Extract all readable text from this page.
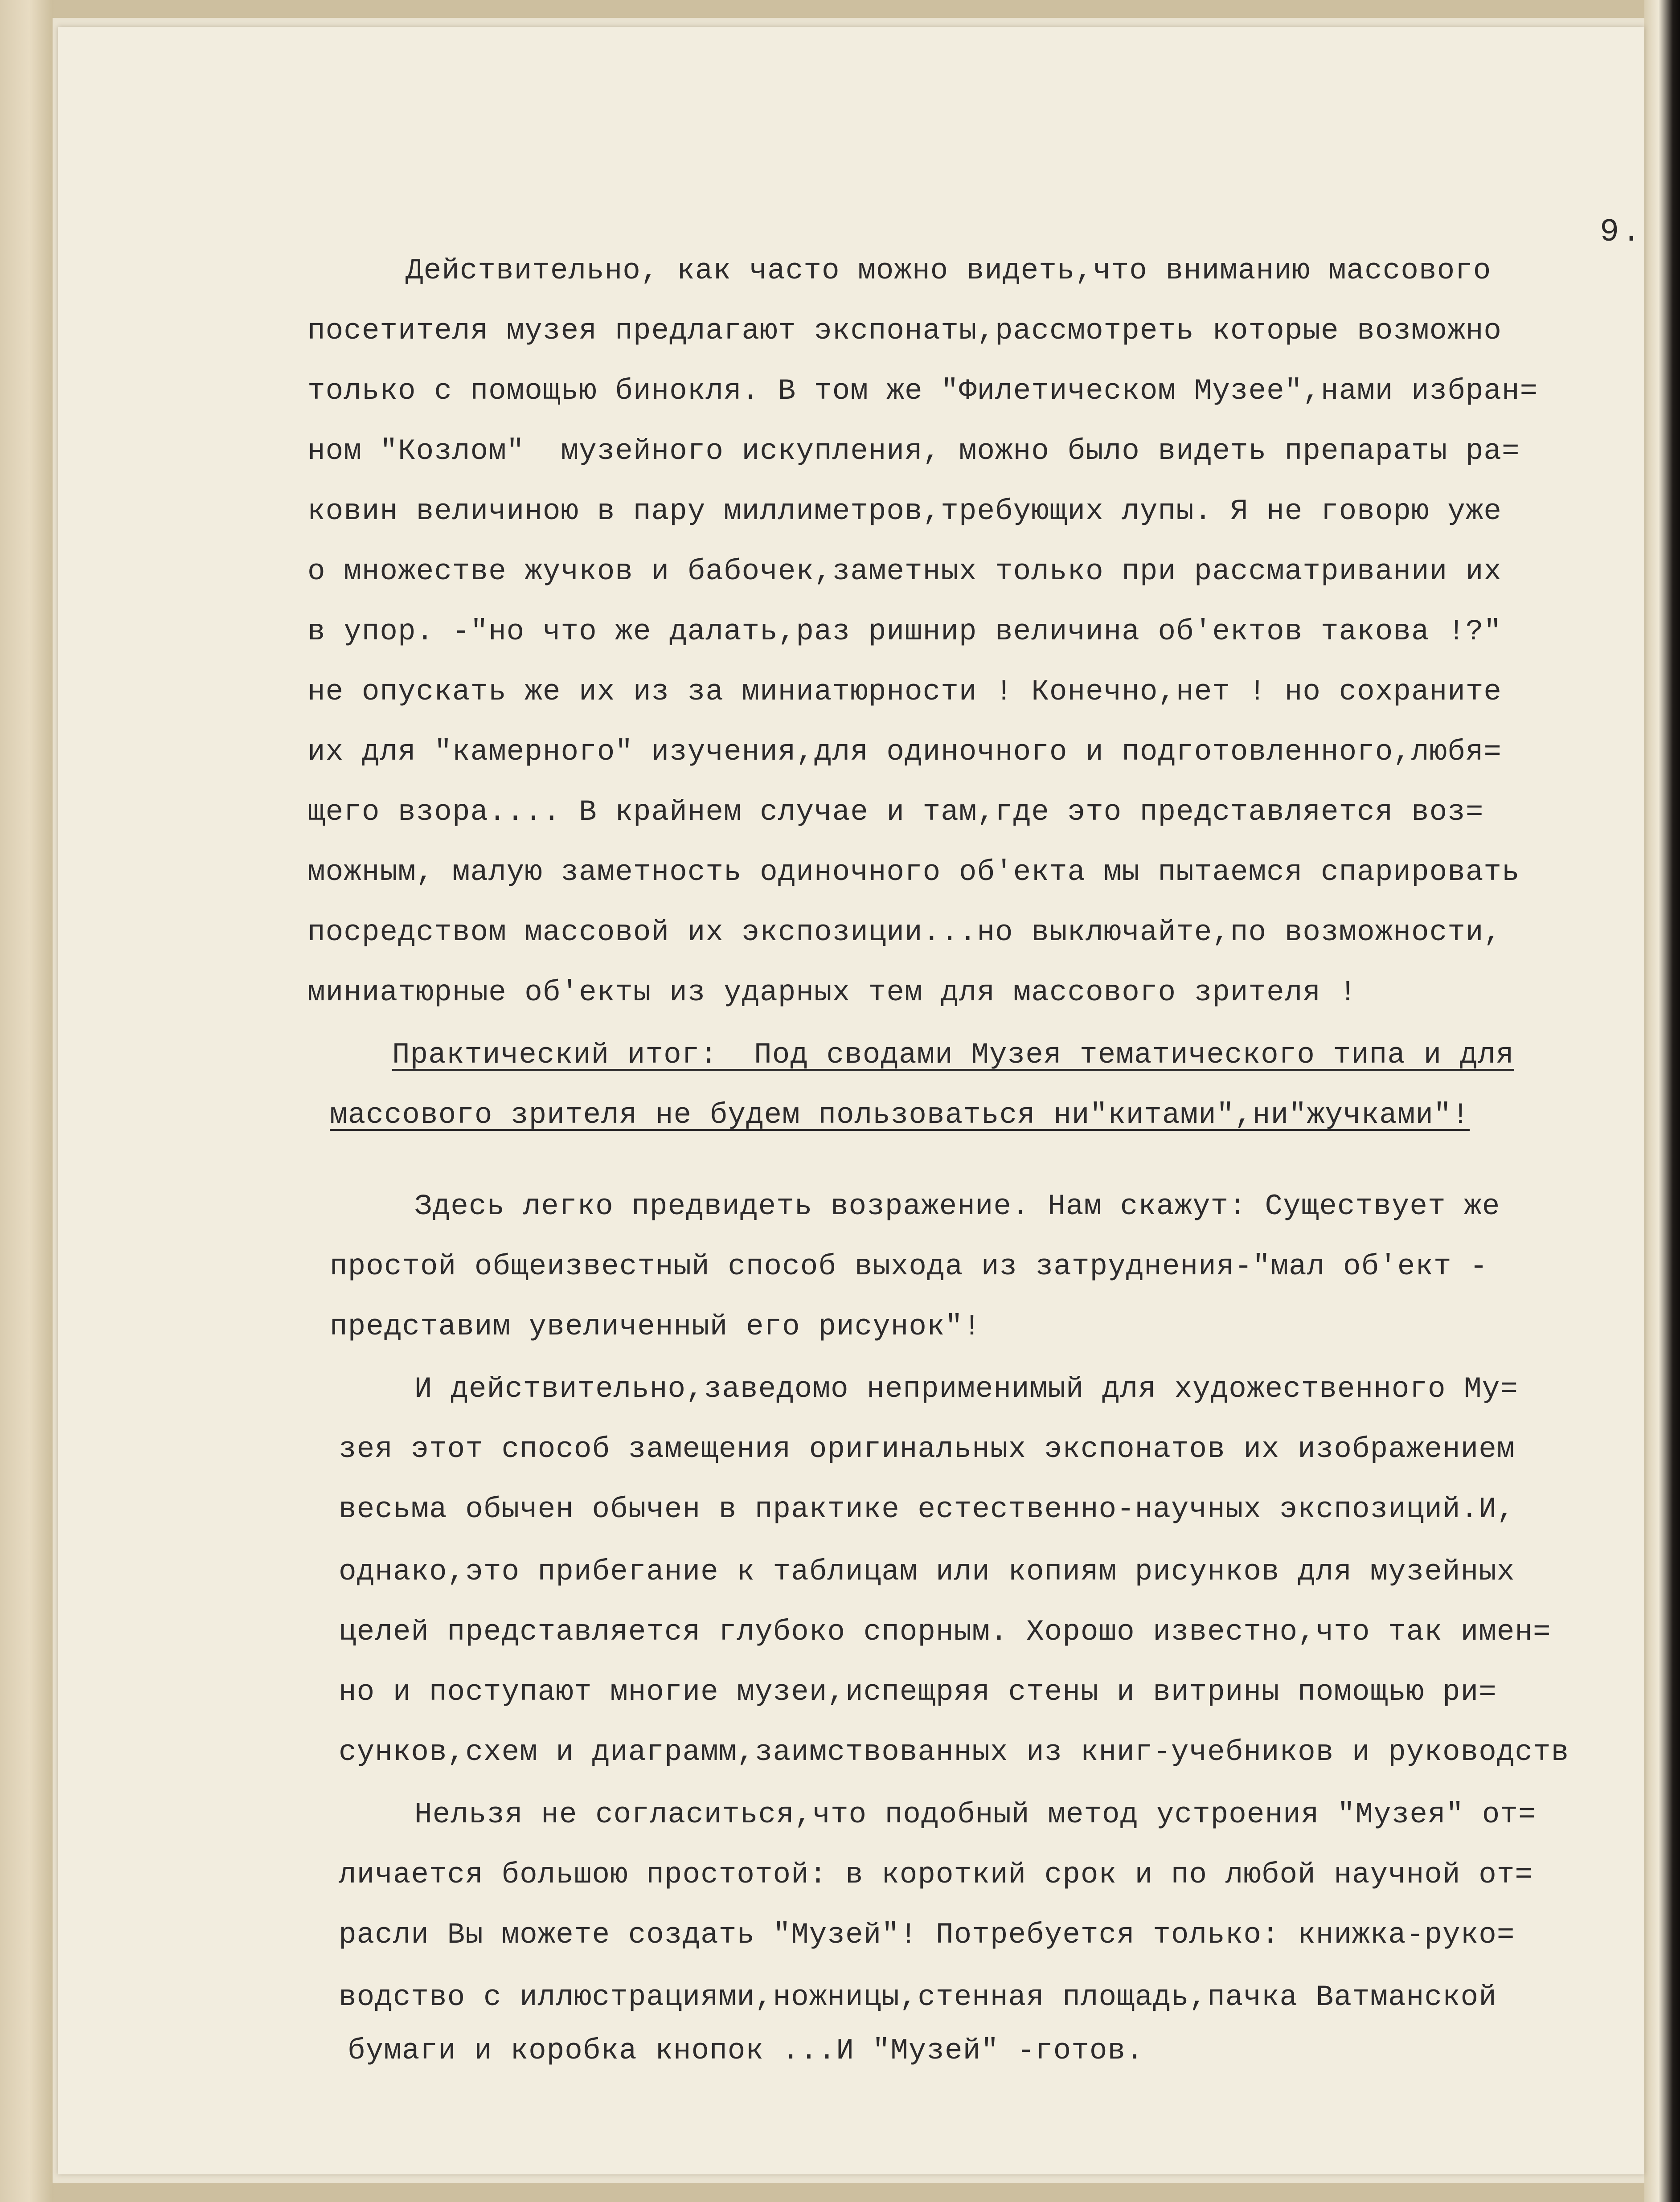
9.
Действительно, как часто можно видеть,что вниманию массового
посетителя музея предлагают экспонаты,рассмотреть которые возможно
только с помощью бинокля. В том же "Филетическом Музее",нами избран=
ном "Козлом"  музейного искупления, можно было видеть препараты ра=
ковин величиною в пару миллиметров,требующих лупы. Я не говорю уже
о множестве жучков и бабочек,заметных только при рассматривании их
в упор. -"но что же далать,раз ришнир величина об'ектов такова !?"
не опускать же их из за миниатюрности ! Конечно,нет ! но сохраните
их для "камерного" изучения,для одиночного и подготовленного,любя=
щего взора.... В крайнем случае и там,где это представляется воз=
можным, малую заметность одиночного об'екта мы пытаемся спарировать
посредством массовой их экспозиции...но выключайте,по возможности,
миниатюрные об'екты из ударных тем для массового зрителя !
Практический итог:  Под сводами Музея тематического типа и для
массового зрителя не будем пользоваться ни"китами",ни"жучками"!
Здесь легко предвидеть возражение. Нам скажут: Существует же
простой общеизвестный способ выхода из затруднения-"мал об'ект -
представим увеличенный его рисунок"!
И действительно,заведомо неприменимый для художественного Му=
зея этот способ замещения оригинальных экспонатов их изображением
весьма обычен обычен в практике естественно-научных экспозиций.И,
однако,это прибегание к таблицам или копиям рисунков для музейных
целей представляется глубоко спорным. Хорошо известно,что так имен=
но и поступают многие музеи,испещряя стены и витрины помощью ри=
сунков,схем и диаграмм,заимствованных из книг-учебников и руководств
Нельзя не согласиться,что подобный метод устроения "Музея" от=
личается большою простотой: в короткий срок и по любой научной от=
расли Вы можете создать "Музей"! Потребуется только: книжка-руко=
водство с иллюстрациями,ножницы,стенная площадь,пачка Ватманской
бумаги и коробка кнопок ...И "Музей" -готов.
